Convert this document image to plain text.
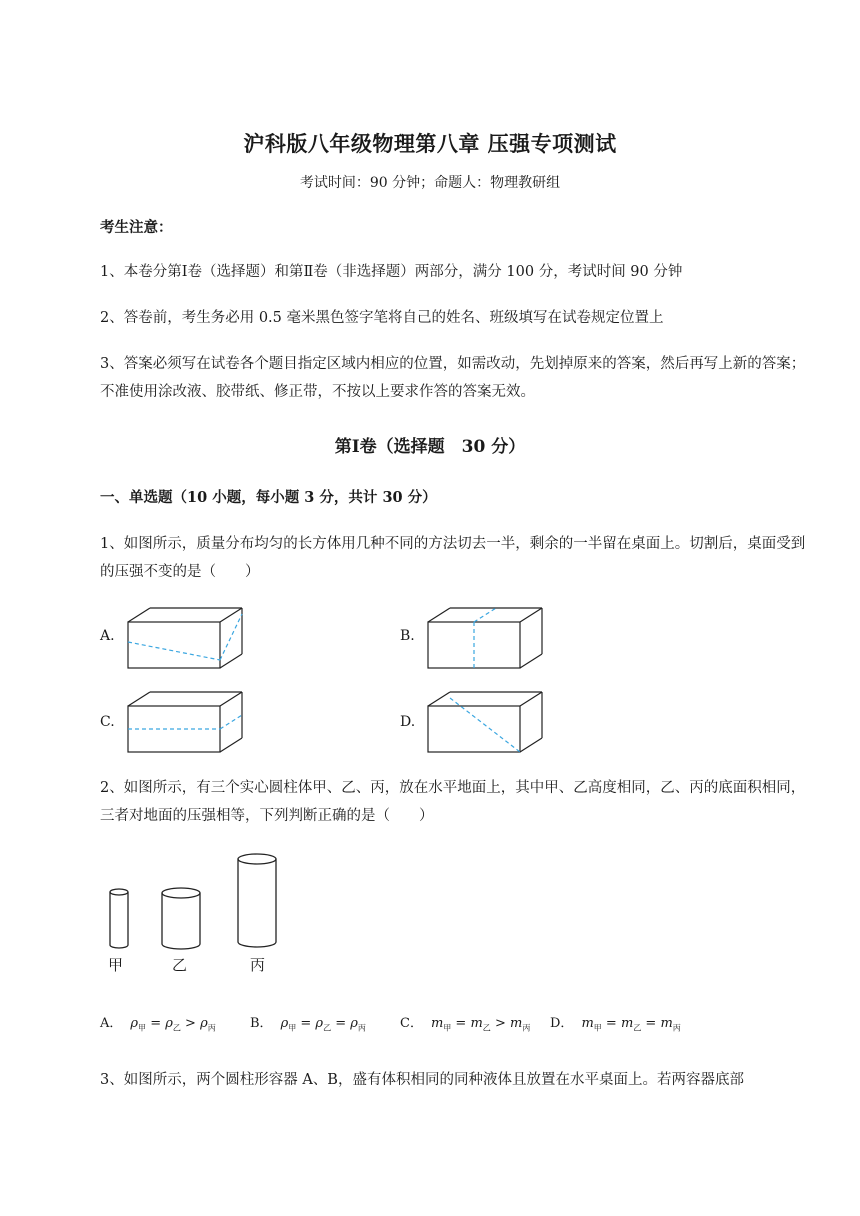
沪科版八年级物理第八章 压强专项测试
考试时间：90 分钟；命题人：物理教研组
考生注意：
1、本卷分第Ⅰ卷（选择题）和第Ⅱ卷（非选择题）两部分，满分 100 分，考试时间 90 分钟
2、答卷前，考生务必用 0.5 毫米黑色签字笔将自己的姓名、班级填写在试卷规定位置上
3、答案必须写在试卷各个题目指定区域内相应的位置，如需改动，先划掉原来的答案，然后再写上新的答案；不准使用涂改液、胶带纸、修正带，不按以上要求作答的答案无效。
第Ⅰ卷（选择题　30 分）
一、单选题（10 小题，每小题 3 分，共计 30 分）
1、如图所示，质量分布均匀的长方体用几种不同的方法切去一半，剩余的一半留在桌面上。切割后，桌面受到的压强不变的是（　　）
A.	B.
C.	D.
2、如图所示，有三个实心圆柱体甲、乙、丙，放在水平地面上，其中甲、乙高度相同，乙、丙的底面积相同，三者对地面的压强相等，下列判断正确的是（　　）
甲	乙	丙
A． $\rho_甲 = \rho_乙 > \rho_丙$	B． $\rho_甲 = \rho_乙 = \rho_丙$	C． $m_甲 = m_乙 > m_丙$ D． $m_甲 = m_乙 = m_丙$
3、如图所示，两个圆柱形容器 A、B，盛有体积相同的同种液体且放置在水平桌面上。若两容器底部
